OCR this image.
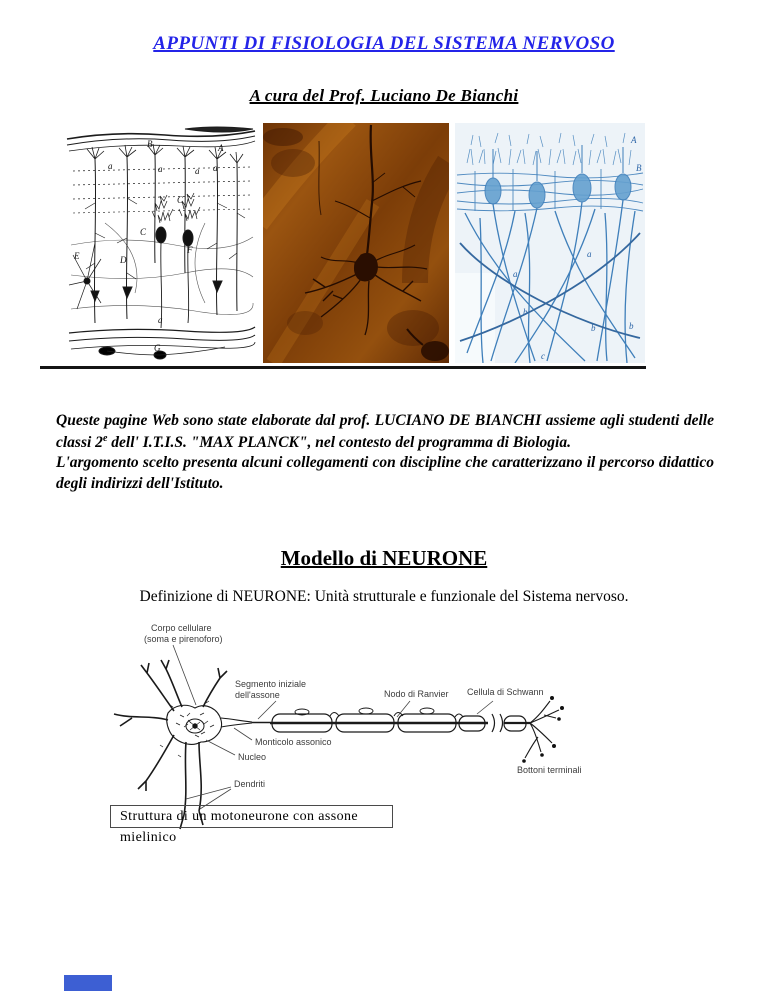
APPUNTI DI FISIOLOGIA DEL SISTEMA NERVOSO
A cura del Prof. Luciano De Bianchi
B	A
a	a	a a
C
C
E	D
F
a
G
A
B
a
a
b
b	b
c

Queste pagine Web sono state elaborate dal prof. LUCIANO DE BIANCHI assieme agli studenti delle classi 2e dell' I.T.I.S. "MAX PLANCK", nel contesto del programma di Biologia.

L'argomento scelto presenta alcuni collegamenti con discipline che caratterizzano il percorso didattico degli indirizzi dell'Istituto.

Modello di NEURONE
Definizione di NEURONE: Unità strutturale e funzionale del Sistema nervoso.
Corpo cellulare
(soma e pirenoforo)
Segmento iniziale
dell'assone	Nodo di Ranvier Cellula di Schwann
Monticolo assonico
Nucleo
Dendriti
Bottoni terminali
Struttura di un motoneurone con assone mielinico
